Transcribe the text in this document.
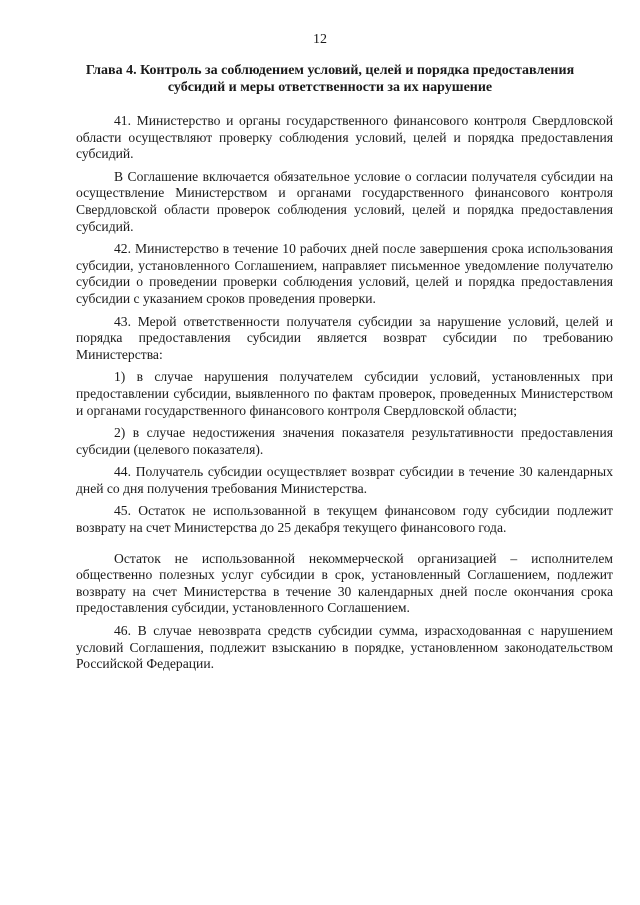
12
Глава 4. Контроль за соблюдением условий, целей и порядка предоставления субсидий и меры ответственности за их нарушение

41. Министерство и органы государственного финансового контроля Свердловской области осуществляют проверку соблюдения условий, целей и порядка предоставления субсидий.

В Соглашение включается обязательное условие о согласии получателя субсидии на осуществление Министерством и органами государственного финансового контроля Свердловской области проверок соблюдения условий, целей и порядка предоставления субсидий.

42. Министерство в течение 10 рабочих дней после завершения срока использования субсидии, установленного Соглашением, направляет письменное уведомление получателю субсидии о проведении проверки соблюдения условий, целей и порядка предоставления субсидии с указанием сроков проведения проверки.

43. Мерой ответственности получателя субсидии за нарушение условий, целей и порядка предоставления субсидии является возврат субсидии по требованию Министерства:

1) в случае нарушения получателем субсидии условий, установленных при предоставлении субсидии, выявленного по фактам проверок, проведенных Министерством и органами государственного финансового контроля Свердловской области;

2) в случае недостижения значения показателя результативности предоставления субсидии (целевого показателя).

44. Получатель субсидии осуществляет возврат субсидии в течение 30 календарных дней со дня получения требования Министерства.

45. Остаток не использованной в текущем финансовом году субсидии подлежит возврату на счет Министерства до 25 декабря текущего финансового года.

Остаток не использованной некоммерческой организацией – исполнителем общественно полезных услуг субсидии в срок, установленный Соглашением, подлежит возврату на счет Министерства в течение 30 календарных дней после окончания срока предоставления субсидии, установленного Соглашением.

46. В случае невозврата средств субсидии сумма, израсходованная с нарушением условий Соглашения, подлежит взысканию в порядке, установленном законодательством Российской Федерации.
